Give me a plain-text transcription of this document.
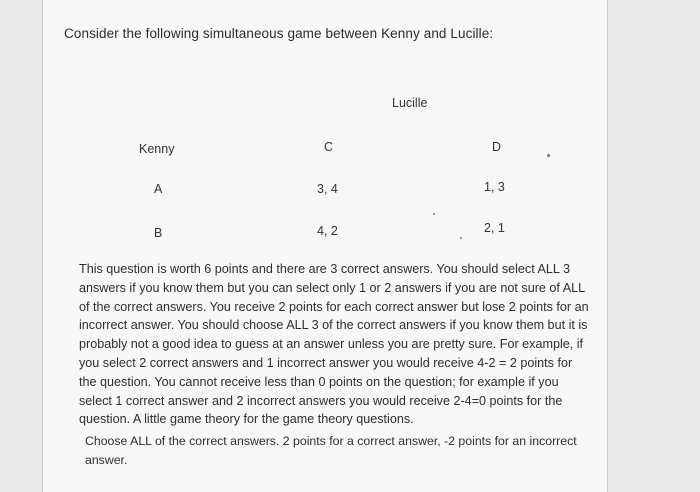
Consider the following simultaneous game between Kenny and Lucille:
Lucille
Kenny	C	D
A	3, 4	1, 3
B	4, 2	2, 1
This question is worth 6 points and there are 3 correct answers. You should select ALL 3 answers if you know them but you can select only 1 or 2 answers if you are not sure of ALL of the correct answers. You receive 2 points for each correct answer but lose 2 points for an incorrect answer. You should choose ALL 3 of the correct answers if you know them but it is probably not a good idea to guess at an answer unless you are pretty sure. For example, if you select 2 correct answers and 1 incorrect answer you would receive 4-2 = 2 points for the question. You cannot receive less than 0 points on the question; for example if you select 1 correct answer and 2 incorrect answers you would receive 2-4=0 points for the question. A little game theory for the game theory questions.
Choose ALL of the correct answers. 2 points for a correct answer, -2 points for an incorrect answer.
